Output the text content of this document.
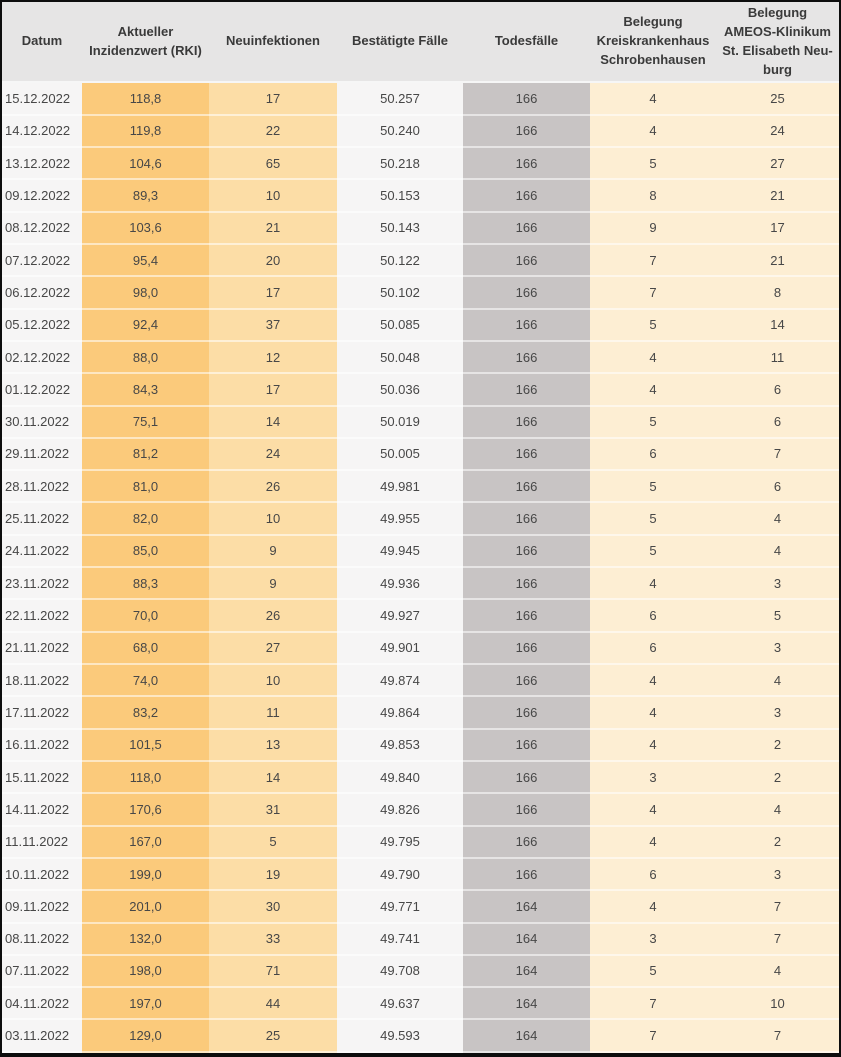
Datum	Aktueller Inzidenzwert (RKI)	Neuinfektionen	Bestätigte Fälle	Todesfälle	Belegung Kreiskrankenhaus Schrobenhausen	Belegung AMEOS-Klinikum St. Elisabeth Neuburg
15.12.2022	118,8	17	50.257	166	4	25
14.12.2022	119,8	22	50.240	166	4	24
13.12.2022	104,6	65	50.218	166	5	27
09.12.2022	89,3	10	50.153	166	8	21
08.12.2022	103,6	21	50.143	166	9	17
07.12.2022	95,4	20	50.122	166	7	21
06.12.2022	98,0	17	50.102	166	7	8
05.12.2022	92,4	37	50.085	166	5	14
02.12.2022	88,0	12	50.048	166	4	11
01.12.2022	84,3	17	50.036	166	4	6
30.11.2022	75,1	14	50.019	166	5	6
29.11.2022	81,2	24	50.005	166	6	7
28.11.2022	81,0	26	49.981	166	5	6
25.11.2022	82,0	10	49.955	166	5	4
24.11.2022	85,0	9	49.945	166	5	4
23.11.2022	88,3	9	49.936	166	4	3
22.11.2022	70,0	26	49.927	166	6	5
21.11.2022	68,0	27	49.901	166	6	3
18.11.2022	74,0	10	49.874	166	4	4
17.11.2022	83,2	11	49.864	166	4	3
16.11.2022	101,5	13	49.853	166	4	2
15.11.2022	118,0	14	49.840	166	3	2
14.11.2022	170,6	31	49.826	166	4	4
11.11.2022	167,0	5	49.795	166	4	2
10.11.2022	199,0	19	49.790	166	6	3
09.11.2022	201,0	30	49.771	164	4	7
08.11.2022	132,0	33	49.741	164	3	7
07.11.2022	198,0	71	49.708	164	5	4
04.11.2022	197,0	44	49.637	164	7	10
03.11.2022	129,0	25	49.593	164	7	7
